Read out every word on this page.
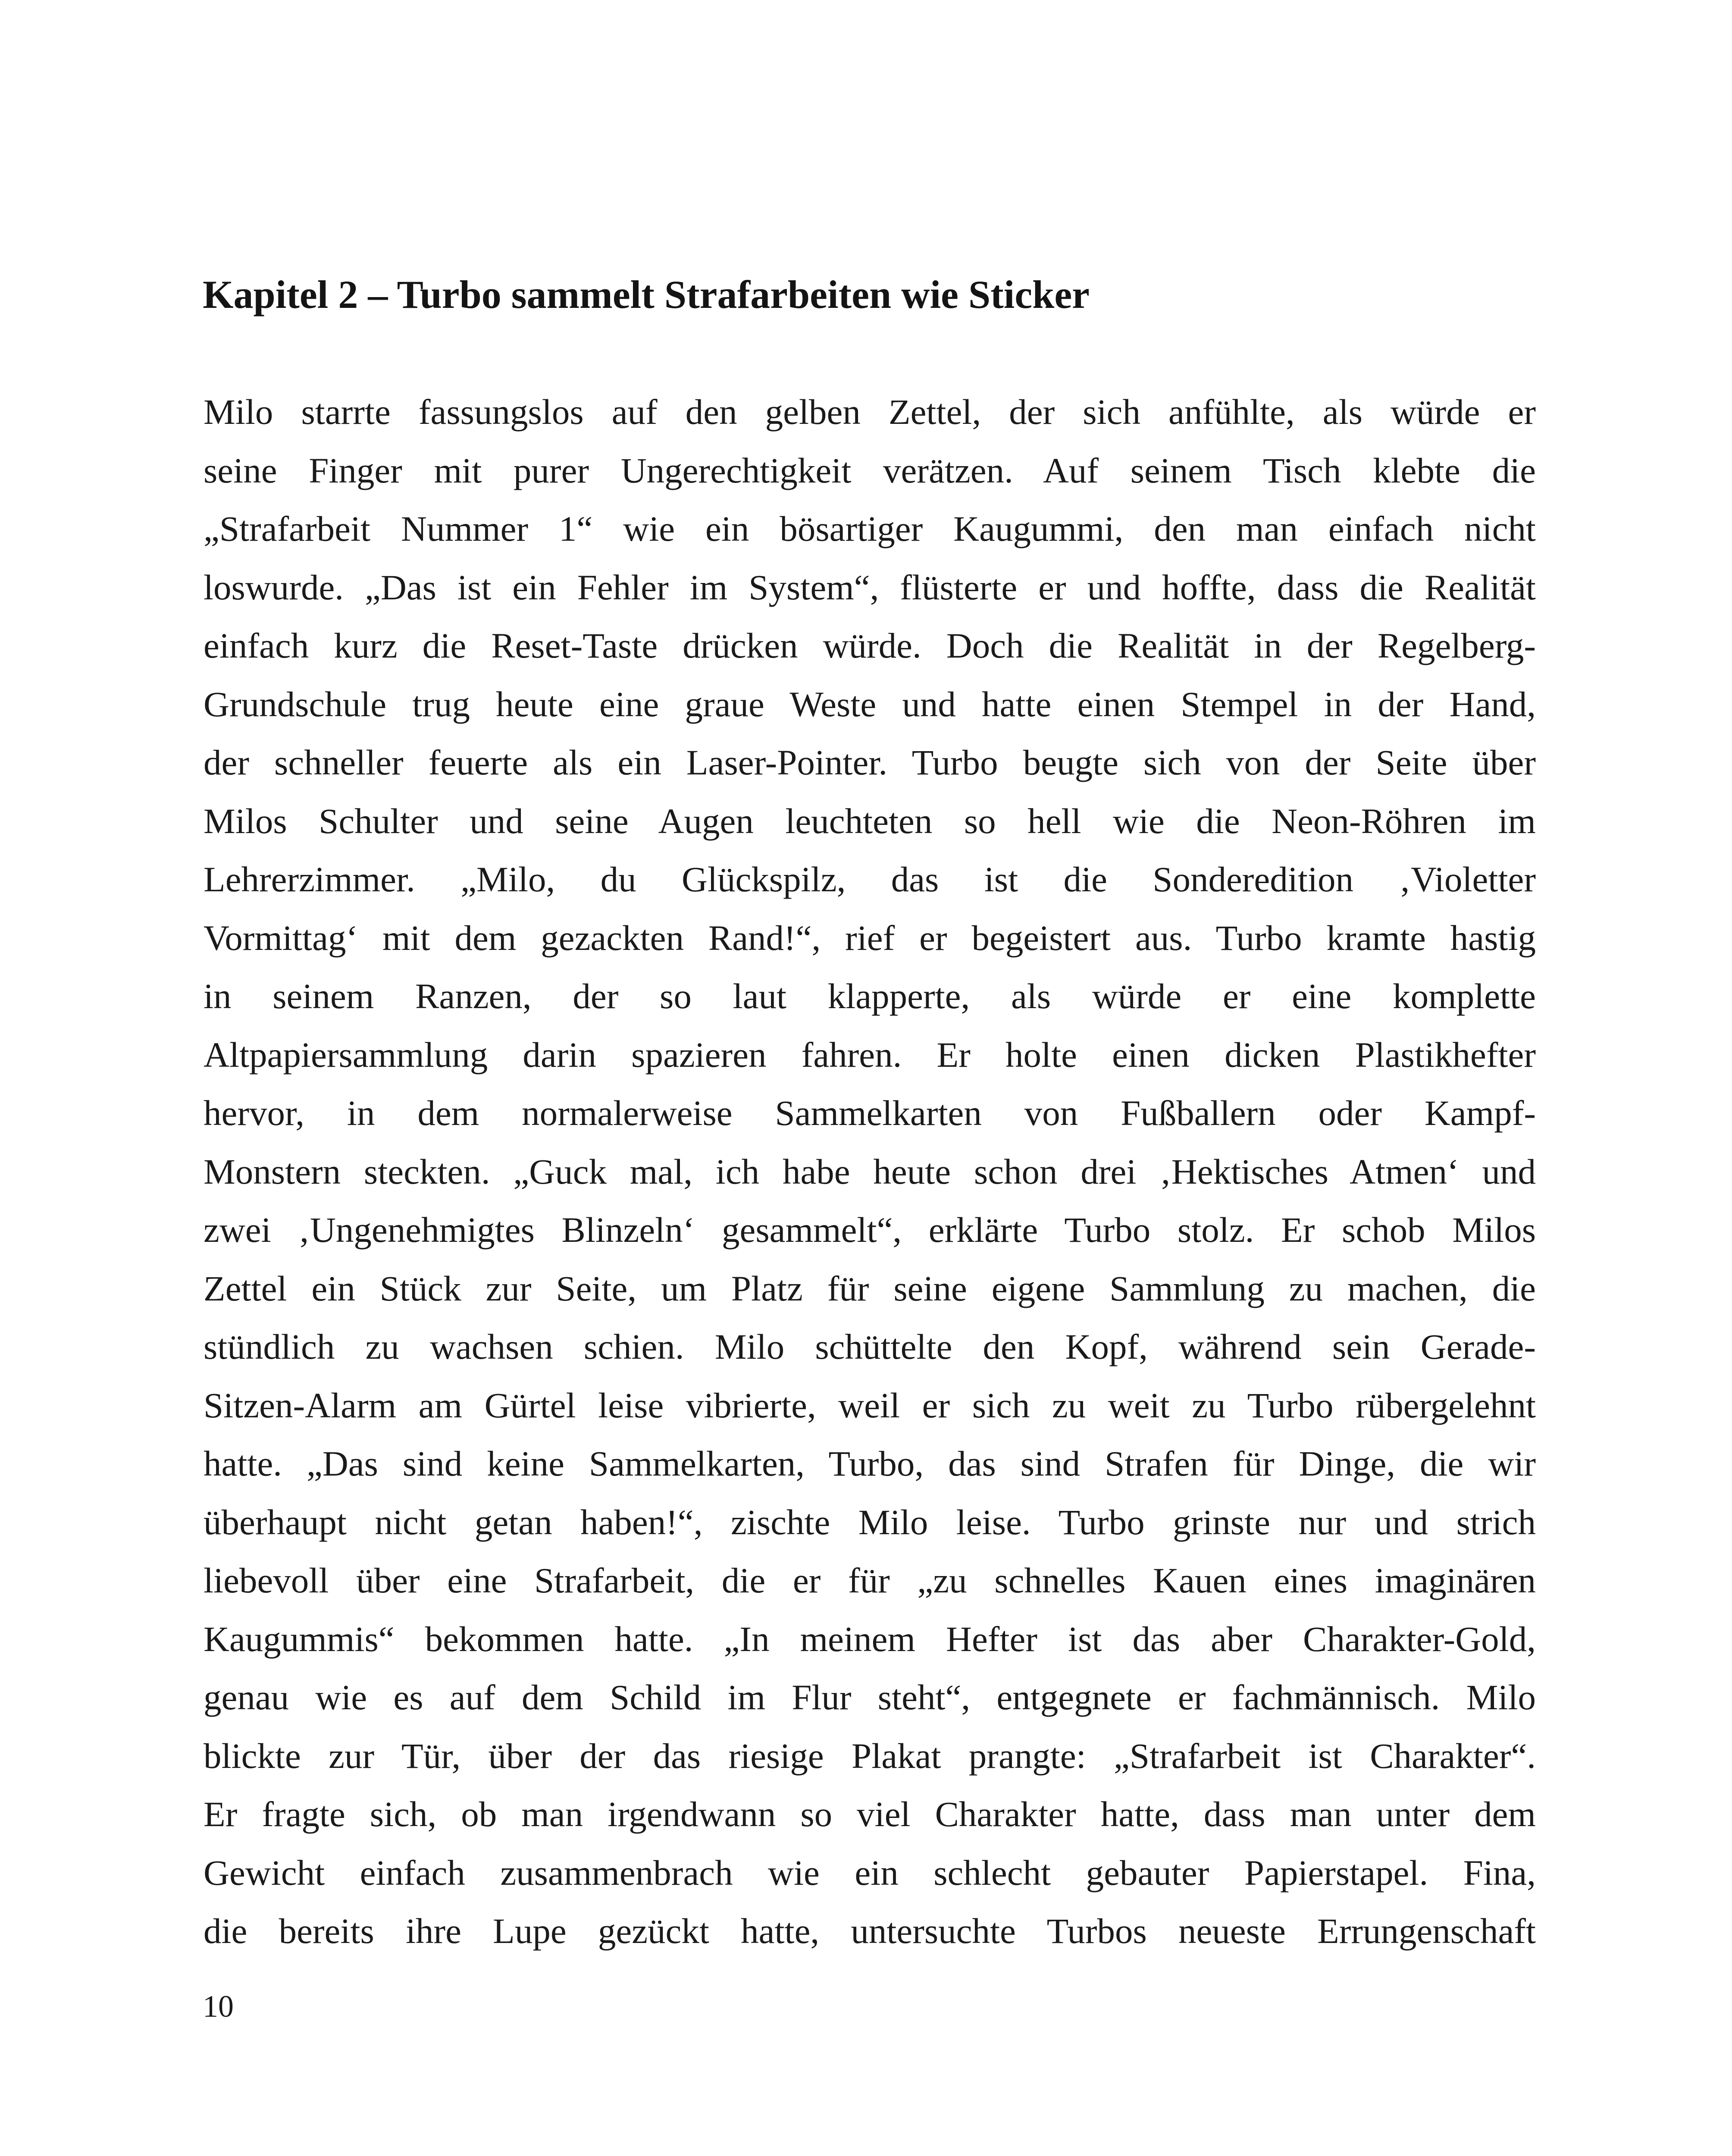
Kapitel 2 – Turbo sammelt Strafarbeiten wie Sticker
Milo starrte fassungslos auf den gelben Zettel, der sich anfühlte, als würde er
seine Finger mit purer Ungerechtigkeit verätzen. Auf seinem Tisch klebte die
„Strafarbeit Nummer 1“ wie ein bösartiger Kaugummi, den man einfach nicht
loswurde. „Das ist ein Fehler im System“, flüsterte er und hoffte, dass die Realität
einfach kurz die Reset-Taste drücken würde. Doch die Realität in der Regelberg-
Grundschule trug heute eine graue Weste und hatte einen Stempel in der Hand,
der schneller feuerte als ein Laser-Pointer. Turbo beugte sich von der Seite über
Milos Schulter und seine Augen leuchteten so hell wie die Neon-Röhren im
Lehrerzimmer. „Milo, du Glückspilz, das ist die Sonderedition ‚Violetter
Vormittag‘ mit dem gezackten Rand!“, rief er begeistert aus. Turbo kramte hastig
in seinem Ranzen, der so laut klapperte, als würde er eine komplette
Altpapiersammlung darin spazieren fahren. Er holte einen dicken Plastikhefter
hervor, in dem normalerweise Sammelkarten von Fußballern oder Kampf-
Monstern steckten. „Guck mal, ich habe heute schon drei ‚Hektisches Atmen‘ und
zwei ‚Ungenehmigtes Blinzeln‘ gesammelt“, erklärte Turbo stolz. Er schob Milos
Zettel ein Stück zur Seite, um Platz für seine eigene Sammlung zu machen, die
stündlich zu wachsen schien. Milo schüttelte den Kopf, während sein Gerade-
Sitzen-Alarm am Gürtel leise vibrierte, weil er sich zu weit zu Turbo rübergelehnt
hatte. „Das sind keine Sammelkarten, Turbo, das sind Strafen für Dinge, die wir
überhaupt nicht getan haben!“, zischte Milo leise. Turbo grinste nur und strich
liebevoll über eine Strafarbeit, die er für „zu schnelles Kauen eines imaginären
Kaugummis“ bekommen hatte. „In meinem Hefter ist das aber Charakter-Gold,
genau wie es auf dem Schild im Flur steht“, entgegnete er fachmännisch. Milo
blickte zur Tür, über der das riesige Plakat prangte: „Strafarbeit ist Charakter“.
Er fragte sich, ob man irgendwann so viel Charakter hatte, dass man unter dem
Gewicht einfach zusammenbrach wie ein schlecht gebauter Papierstapel. Fina,
die bereits ihre Lupe gezückt hatte, untersuchte Turbos neueste Errungenschaft

10
